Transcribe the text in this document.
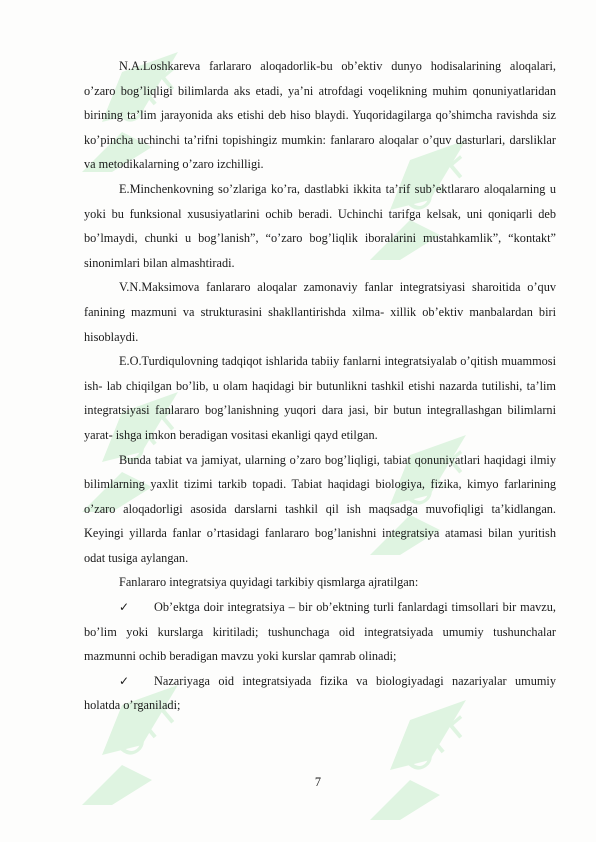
OFF
OFF
OFF
OFF
OFF	OFF

N.A.Loshkareva farlararo aloqadorlik-bu ob’ektiv dunyo hodisalarining aloqalari, o’zaro bog’liqligi bilimlarda aks etadi, ya’ni atrofdagi voqelikning muhim qonuniyatlaridan birining ta’lim jarayonida aks etishi deb hiso blaydi. Yuqoridagilarga qo’shimcha ravishda siz ko’pincha uchinchi ta’rifni topishingiz mumkin: fanlararo aloqalar o’quv dasturlari, darsliklar va metodikalarning o’zaro izchilligi.

E.Minchenkovning so’zlariga ko’ra, dastlabki ikkita ta’rif sub’ektlararo aloqalarning u yoki bu funksional xususiyatlarini ochib beradi. Uchinchi tarifga kelsak, uni qoniqarli deb bo’lmaydi, chunki u bog’lanish”, “o’zaro bog’liqlik iboralarini mustahkamlik”, “kontakt” sinonimlari bilan almashtiradi.

V.N.Maksimova fanlararo aloqalar zamonaviy fanlar integratsiyasi sharoitida o’quv fanining mazmuni va strukturasini shakllantirishda xilma- xillik ob’ektiv manbalardan biri hisoblaydi.

E.O.Turdiqulovning tadqiqot ishlarida tabiiy fanlarni integratsiyalab o’qitish muammosi ish- lab chiqilgan bo’lib, u olam haqidagi bir butunlikni tashkil etishi nazarda tutilishi, ta’lim integratsiyasi fanlararo bog’lanishning yuqori dara jasi, bir butun integrallashgan bilimlarni yarat- ishga imkon beradigan vositasi ekanligi qayd etilgan.

Bunda tabiat va jamiyat, ularning o’zaro bog’liqligi, tabiat qonuniyatlari haqidagi ilmiy bilimlarning yaxlit tizimi tarkib topadi. Tabiat haqidagi biologiya, fizika, kimyo farlarining o’zaro aloqadorligi asosida darslarni tashkil qil ish maqsadga muvofiqligi ta’kidlangan. Keyingi yillarda fanlar o’rtasidagi fanlararo bog’lanishni integratsiya atamasi bilan yuritish odat tusiga aylangan.

Fanlararo integratsiya quyidagi tarkibiy qismlarga ajratilgan:

✓ Ob’ektga doir integratsiya – bir ob’ektning turli fanlardagi timsollari bir mavzu, bo’lim yoki kurslarga kiritiladi; tushunchaga oid integratsiyada umumiy tushunchalar mazmunni ochib beradigan mavzu yoki kurslar qamrab olinadi;

✓ Nazariyaga oid integratsiyada fizika va biologiyadagi nazariyalar umumiy holatda o’rganiladi;

7
